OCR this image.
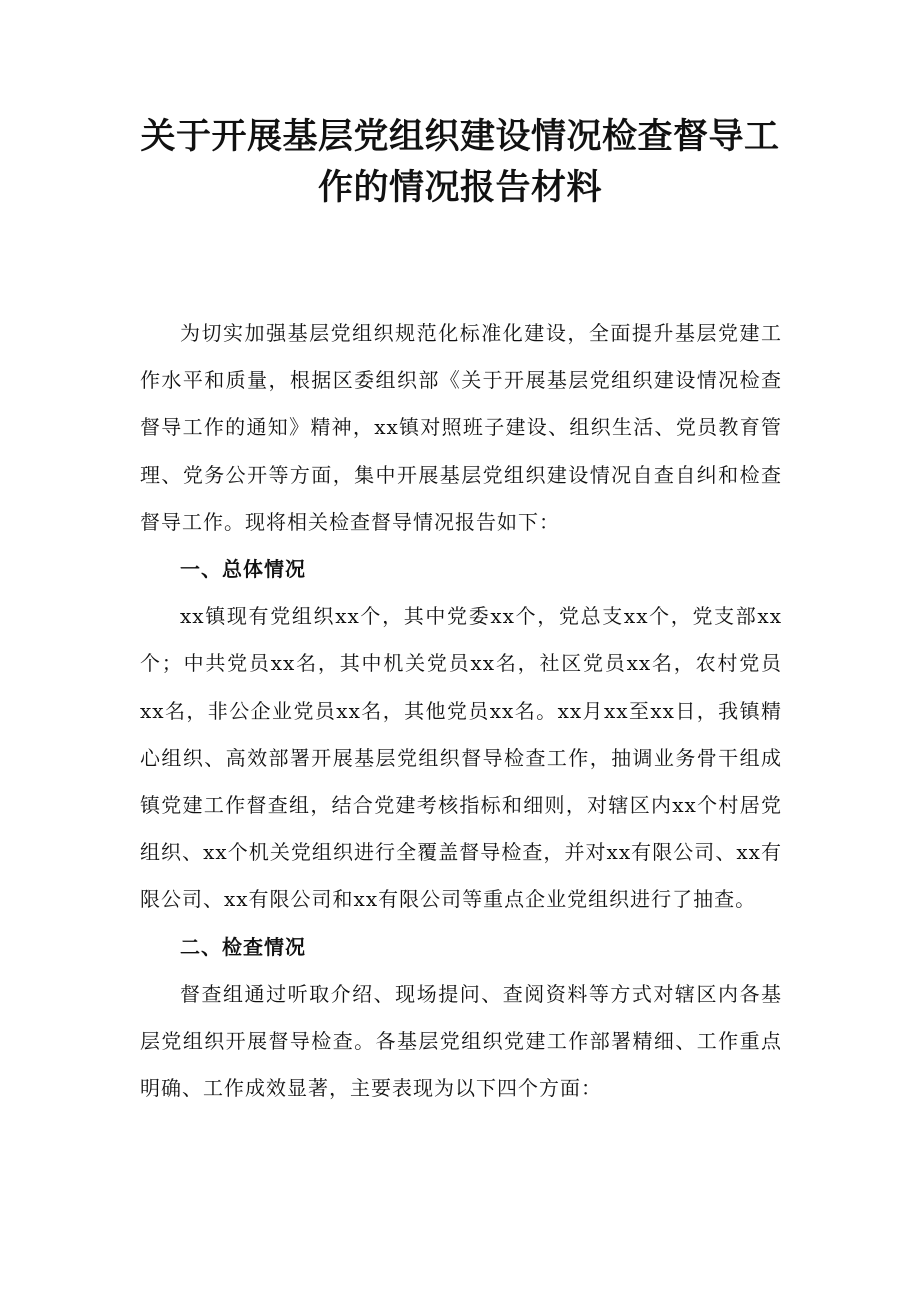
关于开展基层党组织建设情况检查督导工
作的情况报告材料

为切实加强基层党组织规范化标准化建设，全面提升基层党建工作水平和质量，根据区委组织部《关于开展基层党组织建设情况检查督导工作的通知》精神，xx镇对照班子建设、组织生活、党员教育管理、党务公开等方面，集中开展基层党组织建设情况自查自纠和检查督导工作。现将相关检查督导情况报告如下：

一、总体情况

xx镇现有党组织xx个，其中党委xx个，党总支xx个，党支部xx个；中共党员xx名，其中机关党员xx名，社区党员xx名，农村党员xx名，非公企业党员xx名，其他党员xx名。xx月xx至xx日，我镇精心组织、高效部署开展基层党组织督导检查工作，抽调业务骨干组成镇党建工作督查组，结合党建考核指标和细则，对辖区内xx个村居党组织、xx个机关党组织进行全覆盖督导检查，并对xx有限公司、xx有限公司、xx有限公司和xx有限公司等重点企业党组织进行了抽查。

二、检查情况

督查组通过听取介绍、现场提问、查阅资料等方式对辖区内各基层党组织开展督导检查。各基层党组织党建工作部署精细、工作重点明确、工作成效显著，主要表现为以下四个方面：
